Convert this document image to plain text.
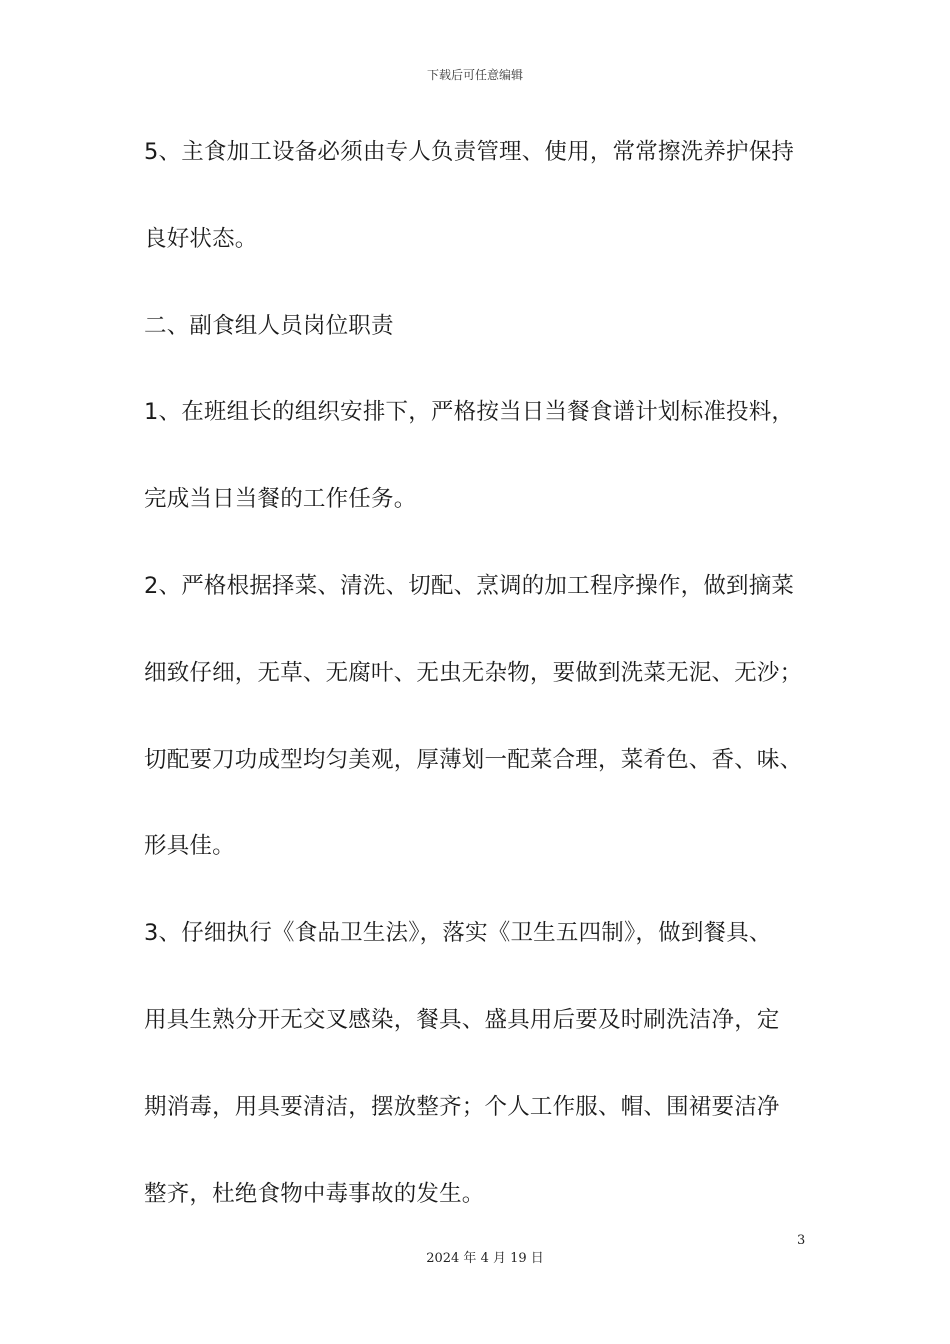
下载后可任意编辑
5、主食加工设备必须由专人负责管理、使用，常常擦洗养护保持
良好状态。
二、副食组人员岗位职责
1、在班组长的组织安排下，严格按当日当餐食谱计划标准投料，
完成当日当餐的工作任务。
2、严格根据择菜、清洗、切配、烹调的加工程序操作，做到摘菜
细致仔细，无草、无腐叶、无虫无杂物，要做到洗菜无泥、无沙；
切配要刀功成型均匀美观，厚薄划一配菜合理，菜肴色、香、味、
形具佳。
3、仔细执行《食品卫生法》，落实《卫生五四制》，做到餐具、
用具生熟分开无交叉感染，餐具、盛具用后要及时刷洗洁净，定
期消毒，用具要清洁，摆放整齐；个人工作服、帽、围裙要洁净
整齐，杜绝食物中毒事故的发生。
3
2024 年 4 月 19 日
